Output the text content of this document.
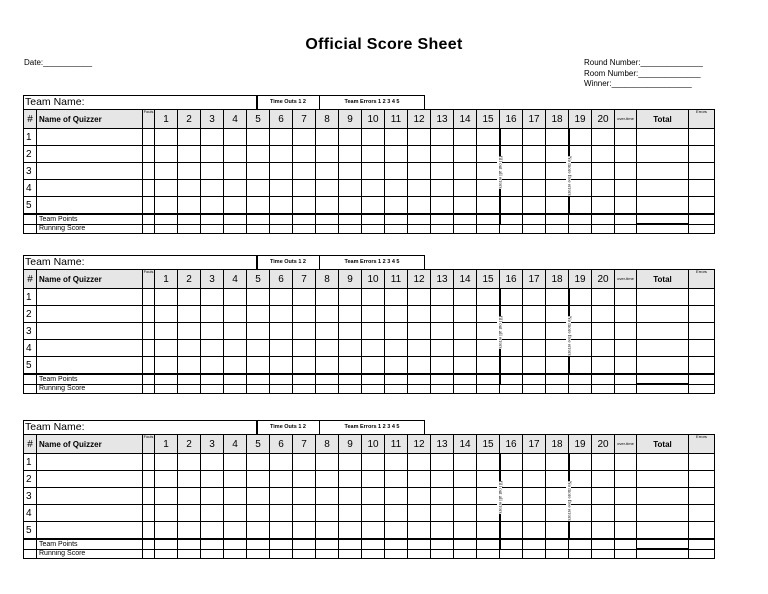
Official Score Sheet
Date:___________	Round Number:______________
Room Number:______________
Winner:__________________
Team Name:	Time Outs 1 2	Team Errors 1 2 3 4 5
#	Name of Quizzer	Fouls	1	2	3	4	5	6	7	8	9	10	11	12	13	14	15	16	17	18	19	20	over-time	Total	Errors
1																									
2																									
3																									
4																									
5																									
	Team Points																								
	Running Score																								
fill out all errors	No more free errors
Team Name:	Time Outs 1 2	Team Errors 1 2 3 4 5
#	Name of Quizzer	Fouls	1	2	3	4	5	6	7	8	9	10	11	12	13	14	15	16	17	18	19	20	over-time	Total	Errors
1																									
2																									
3																									
4																									
5																									
	Team Points																								
	Running Score																								
fill out all errors	No more free errors
Team Name:	Time Outs 1 2	Team Errors 1 2 3 4 5
#	Name of Quizzer	Fouls	1	2	3	4	5	6	7	8	9	10	11	12	13	14	15	16	17	18	19	20	over-time	Total	Errors
1																									
2																									
3																									
4																									
5																									
	Team Points																								
	Running Score																								
fill out all errors	No more free errors
